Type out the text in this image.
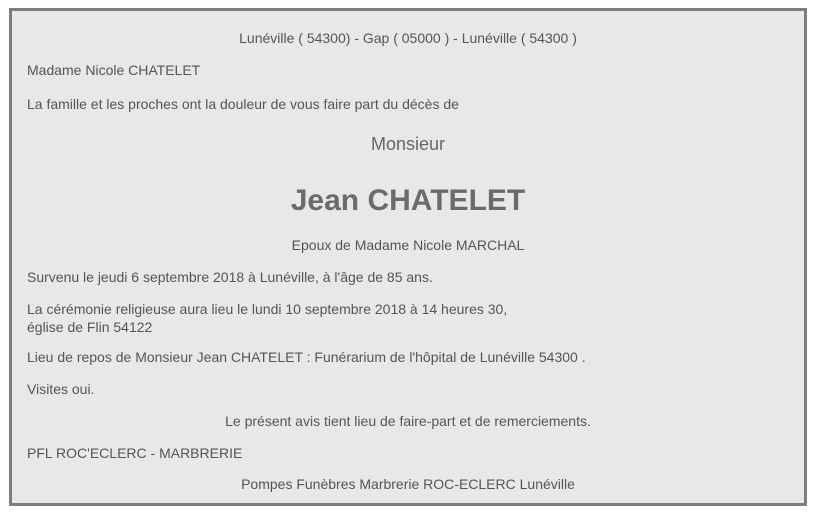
Lunéville ( 54300) - Gap ( 05000 ) - Lunéville ( 54300 )
Madame Nicole CHATELET
La famille et les proches ont la douleur de vous faire part du décès de
Monsieur
Jean CHATELET
Epoux de Madame Nicole MARCHAL
Survenu le jeudi 6 septembre 2018 à Lunéville, à l'âge de 85 ans.
La cérémonie religieuse aura lieu le lundi 10 septembre 2018 à 14 heures 30,
église de Flin 54122
Lieu de repos de Monsieur Jean CHATELET : Funérarium de l'hôpital de Lunéville 54300 .
Visites oui.
Le présent avis tient lieu de faire-part et de remerciements.
PFL ROC'ECLERC - MARBRERIE
Pompes Funèbres Marbrerie ROC-ECLERC Lunéville
